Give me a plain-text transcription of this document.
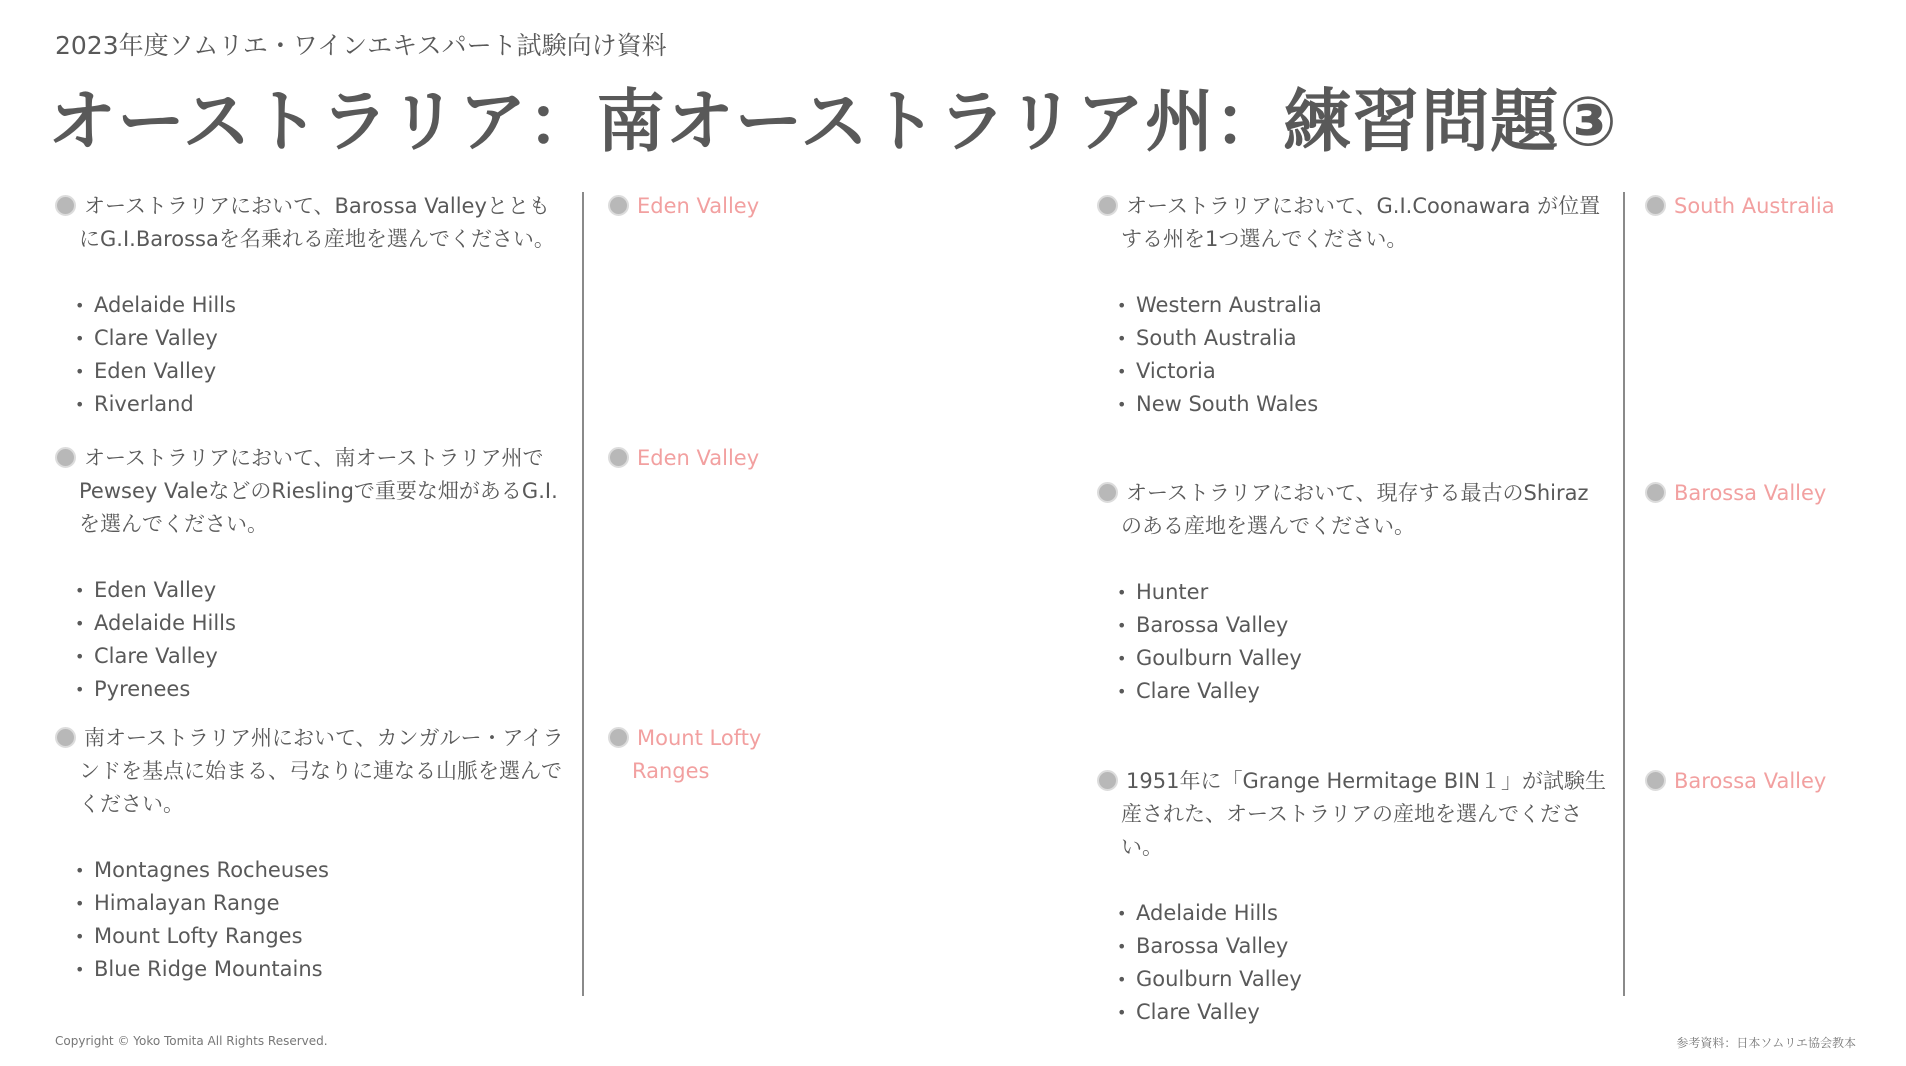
2023年度ソムリエ・ワインエキスパート試験向け資料
オーストラリア：南オーストラリア州：練習問題③

オーストラリアにおいて、Barossa ValleyとともにG.I.Barossaを名乗れる産地を選んでください。

• Adelaide Hills
• Clare Valley
• Eden Valley
• Riverland

Eden Valley

オーストラリアにおいて、南オーストラリア州でPewsey ValeなどのRieslingで重要な畑があるG.I.を選んでください。

• Eden Valley
• Adelaide Hills
• Clare Valley
• Pyrenees

Eden Valley

南オーストラリア州において、カンガルー・アイランドを基点に始まる、弓なりに連なる山脈を選んでください。

• Montagnes Rocheuses
• Himalayan Range
• Mount Lofty Ranges
• Blue Ridge Mountains

Mount Lofty Ranges

オーストラリアにおいて、G.I.Coonawara が位置する州を1つ選んでください。

• Western Australia
• South Australia
• Victoria
• New South Wales

South Australia

オーストラリアにおいて、現存する最古のShirazのある産地を選んでください。

• Hunter
• Barossa Valley
• Goulburn Valley
• Clare Valley

Barossa Valley

1951年に「Grange Hermitage BIN１」が試験生産された、オーストラリアの産地を選んでください。

• Adelaide Hills
• Barossa Valley
• Goulburn Valley
• Clare Valley

Barossa Valley

Copyright © Yoko Tomita All Rights Reserved.	参考資料：日本ソムリエ協会教本
